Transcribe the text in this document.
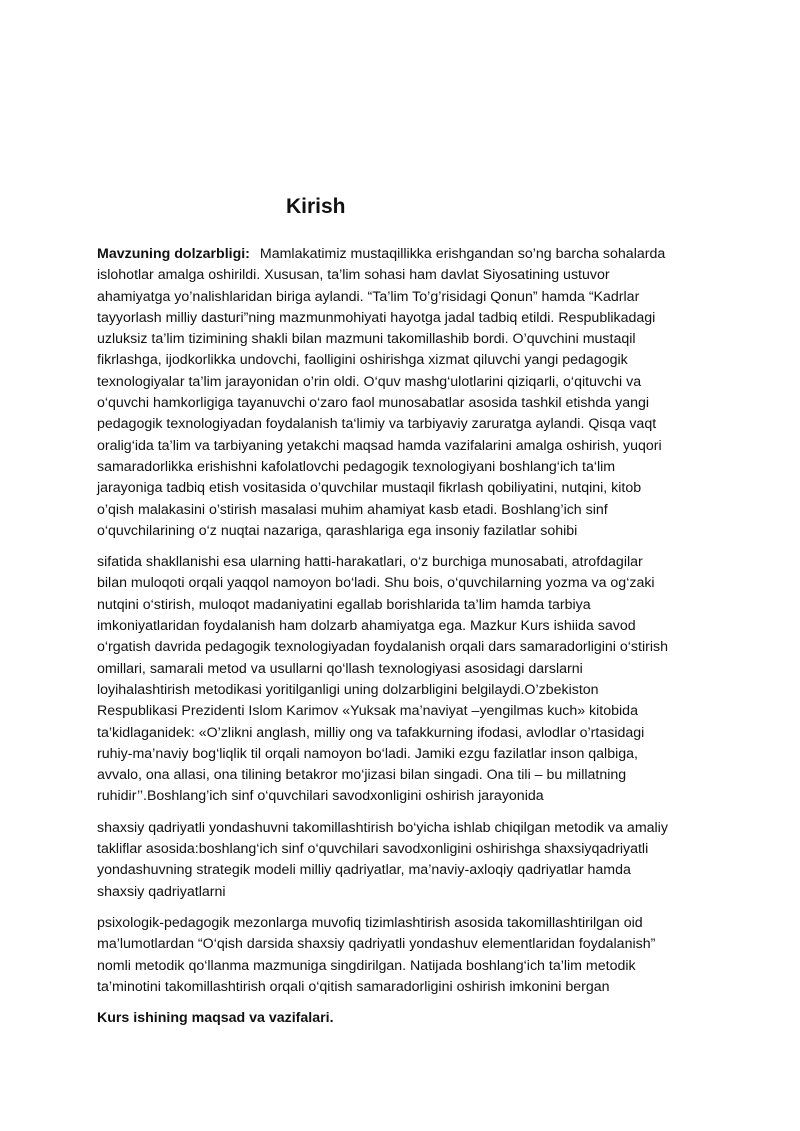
Kirish
Mavzuning dolzarbligi: Mamlakatimiz mustaqillikka erishgandan so’ng barcha sohalarda
islohotlar amalga oshirildi. Xususan, ta’lim sohasi ham davlat Siyosatining ustuvor
ahamiyatga yo’nalishlaridan biriga aylandi. “Ta’lim To’g’risidagi Qonun” hamda “Kadrlar
tayyorlash milliy dasturi”ning mazmunmohiyati hayotga jadal tadbiq etildi. Respublikadagi
uzluksiz ta’lim tizimining shakli bilan mazmuni takomillashib bordi. O’quvchini mustaqil
fikrlashga, ijodkorlikka undovchi, faolligini oshirishga xizmat qiluvchi yangi pedagogik
texnologiyalar ta’lim jarayonidan o’rin oldi. O‘quv mashg‘ulotlarini qiziqarli, o‘qituvchi va
o‘quvchi hamkorligiga tayanuvchi o‘zaro faol munosabatlar asosida tashkil etishda yangi
pedagogik texnologiyadan foydalanish ta‘limiy va tarbiyaviy zaruratga aylandi. Qisqa vaqt
oralig‘ida ta’lim va tarbiyaning yetakchi maqsad hamda vazifalarini amalga oshirish, yuqori
samaradorlikka erishishni kafolatlovchi pedagogik texnologiyani boshlang‘ich ta‘lim
jarayoniga tadbiq etish vositasida o’quvchilar mustaqil fikrlash qobiliyatini, nutqini, kitob
o’qish malakasini o’stirish masalasi muhim ahamiyat kasb etadi. Boshlang’ich sinf
o‘quvchilarining o‘z nuqtai nazariga, qarashlariga ega insoniy fazilatlar sohibi
sifatida shakllanishi esa ularning hatti-harakatlari, o‘z burchiga munosabati, atrofdagilar
bilan muloqoti orqali yaqqol namoyon bo‘ladi. Shu bois, o‘quvchilarning yozma va og‘zaki
nutqini o‘stirish, muloqot madaniyatini egallab borishlarida ta’lim hamda tarbiya
imkoniyatlaridan foydalanish ham dolzarb ahamiyatga ega. Mazkur Kurs ishiida savod
o‘rgatish davrida pedagogik texnologiyadan foydalanish orqali dars samaradorligini o‘stirish
omillari, samarali metod va usullarni qo‘llash texnologiyasi asosidagi darslarni
loyihalashtirish metodikasi yoritilganligi uning dolzarbligini belgilaydi.O’zbekiston
Respublikasi Prezidenti Islom Karimov «Yuksak ma’naviyat –yengilmas kuch» kitobida
ta’kidlaganidek: «O’zlikni anglash, milliy ong va tafakkurning ifodasi, avlodlar o’rtasidagi
ruhiy-ma’naviy bog‘liqlik til orqali namoyon bo‘ladi. Jamiki ezgu fazilatlar inson qalbiga,
avvalo, ona allasi, ona tilining betakror mo‘jizasi bilan singadi. Ona tili – bu millatning
ruhidir’’.Boshlang’ich sinf o‘quvchilari savodxonligini oshirish jarayonida
shaxsiy qadriyatli yondashuvni takomillashtirish bo‘yicha ishlab chiqilgan metodik va amaliy
takliflar asosida:boshlang‘ich sinf o‘quvchilari savodxonligini oshirishga shaxsiyqadriyatli
yondashuvning strategik modeli milliy qadriyatlar, ma’naviy-axloqiy qadriyatlar hamda
shaxsiy qadriyatlarni
psixologik-pedagogik mezonlarga muvofiq tizimlashtirish asosida takomillashtirilgan oid
ma’lumotlardan “O‘qish darsida shaxsiy qadriyatli yondashuv elementlaridan foydalanish”
nomli metodik qo‘llanma mazmuniga singdirilgan. Natijada boshlang‘ich ta’lim metodik
ta’minotini takomillashtirish orqali o‘qitish samaradorligini oshirish imkonini bergan
Kurs ishining maqsad va vazifalari.
